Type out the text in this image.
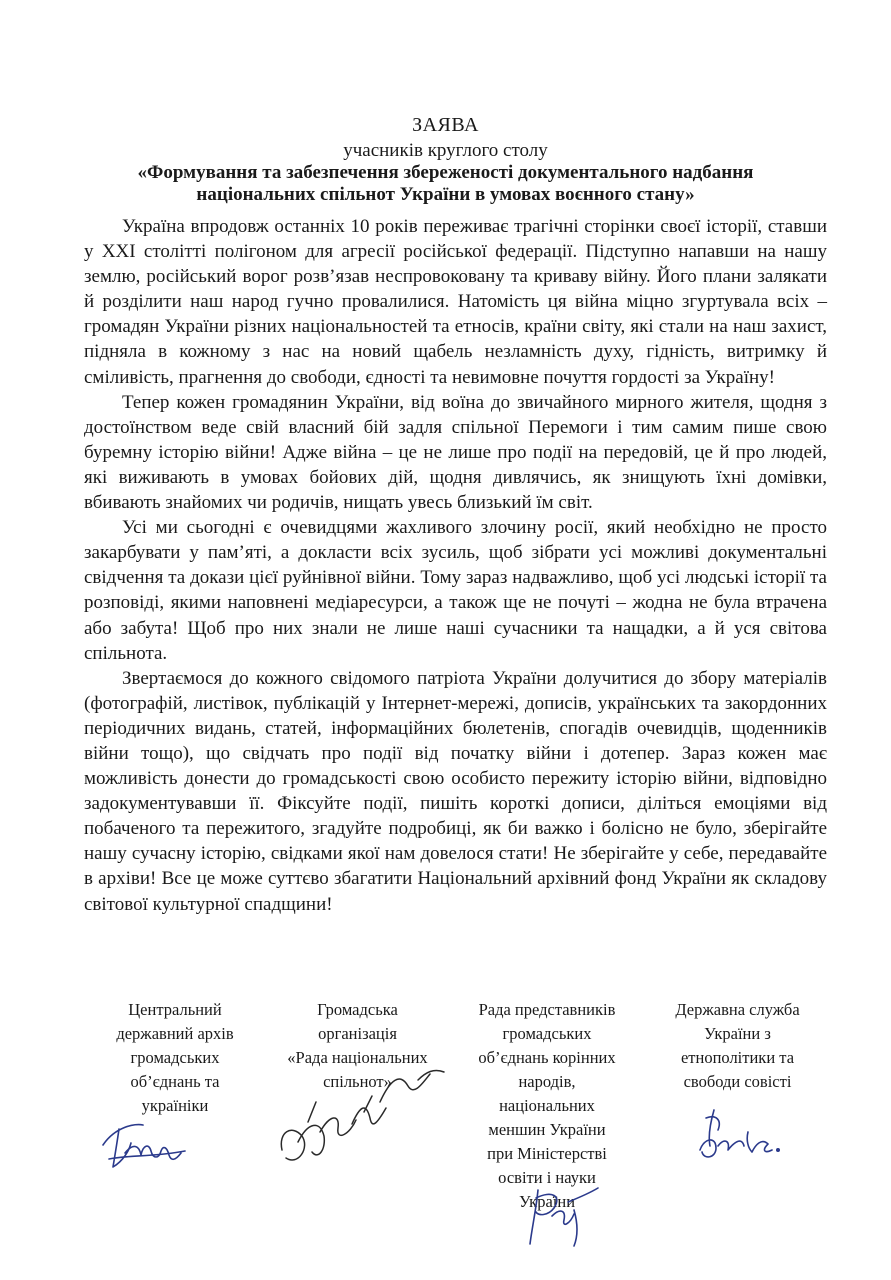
ЗАЯВА
учасників круглого столу
«Формування та забезпечення збереженості документального надбання
національних спільнот України в умовах воєнного стану»

Україна впродовж останніх 10 років переживає трагічні сторінки своєї історії, ставши у ХХІ столітті полігоном для агресії російської федерації. Підступно напавши на нашу землю, російський ворог розв’язав неспровоковану та криваву війну. Його плани залякати й розділити наш народ гучно провалилися. Натомість ця війна міцно згуртувала всіх – громадян України різних національностей та етносів, країни світу, які стали на наш захист, підняла в кожному з нас на новий щабель незламність духу, гідність, витримку й сміливість, прагнення до свободи, єдності та невимовне почуття гордості за Україну!

Тепер кожен громадянин України, від воїна до звичайного мирного жителя, щодня з достоїнством веде свій власний бій задля спільної Перемоги і тим самим пише свою буремну історію війни! Адже війна – це не лише про події на передовій, це й про людей, які виживають в умовах бойових дій, щодня дивлячись, як знищують їхні домівки, вбивають знайомих чи родичів, нищать увесь близький їм світ.

Усі ми сьогодні є очевидцями жахливого злочину росії, який необхідно не просто закарбувати у пам’яті, а докласти всіх зусиль, щоб зібрати усі можливі документальні свідчення та докази цієї руйнівної війни. Тому зараз надважливо, щоб усі людські історії та розповіді, якими наповнені медіаресурси, а також ще не почуті – жодна не була втрачена або забута! Щоб про них знали не лише наші сучасники та нащадки, а й уся світова спільнота.

Звертаємося до кожного свідомого патріота України долучитися до збору матеріалів (фотографій, листівок, публікацій у Інтернет-мережі, дописів, українських та закордонних періодичних видань, статей, інформаційних бюлетенів, спогадів очевидців, щоденників війни тощо), що свідчать про події від початку війни і дотепер. Зараз кожен має можливість донести до громадськості свою особисто пережиту історію війни, відповідно задокументувавши її. Фіксуйте події, пишіть короткі дописи, діліться емоціями від побаченого та пережитого, згадуйте подробиці, як би важко і болісно не було, зберігайте нашу сучасну історію, свідками якої нам довелося стати! Не зберігайте у себе, передавайте в архіви! Все це може суттєво збагатити Національний архівний фонд України як складову світової культурної спадщини!

Центральний
державний архів
громадських
об’єднань та
україніки
Громадська
організація
«Рада національних
спільнот»
Рада представників
громадських
об’єднань корінних
народів,
національних
меншин України
при Міністерстві
освіти і науки
України
Державна служба
України з
етнополітики та
свободи совісті
